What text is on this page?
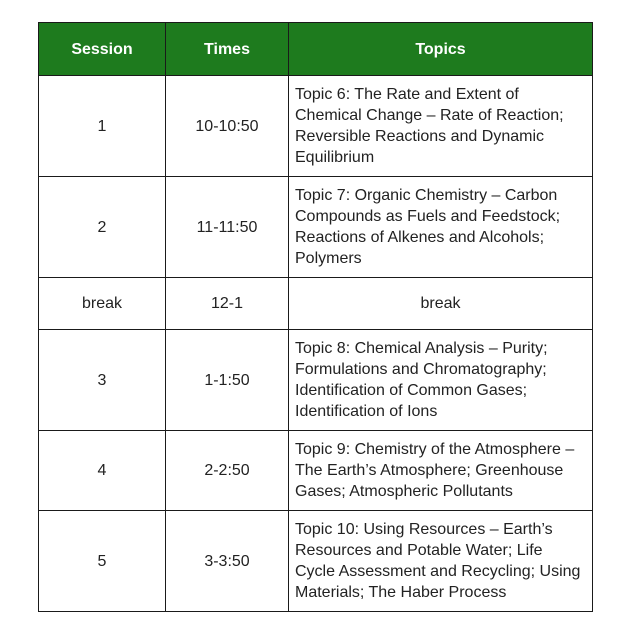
Session	Times	Topics
1	10-10:50	Topic 6: The Rate and Extent of Chemical Change – Rate of Reaction; Reversible Reactions and Dynamic Equilibrium
2	11-11:50	Topic 7: Organic Chemistry – Carbon Compounds as Fuels and Feedstock; Reactions of Alkenes and Alcohols; Polymers
break	12-1	break
3	1-1:50	Topic 8: Chemical Analysis – Purity; Formulations and Chromatography; Identification of Common Gases; Identification of Ions
4	2-2:50	Topic 9: Chemistry of the Atmosphere – The Earth’s Atmosphere; Greenhouse Gases; Atmospheric Pollutants
5	3-3:50	Topic 10: Using Resources – Earth’s Resources and Potable Water; Life Cycle Assessment and Recycling; Using Materials; The Haber Process
